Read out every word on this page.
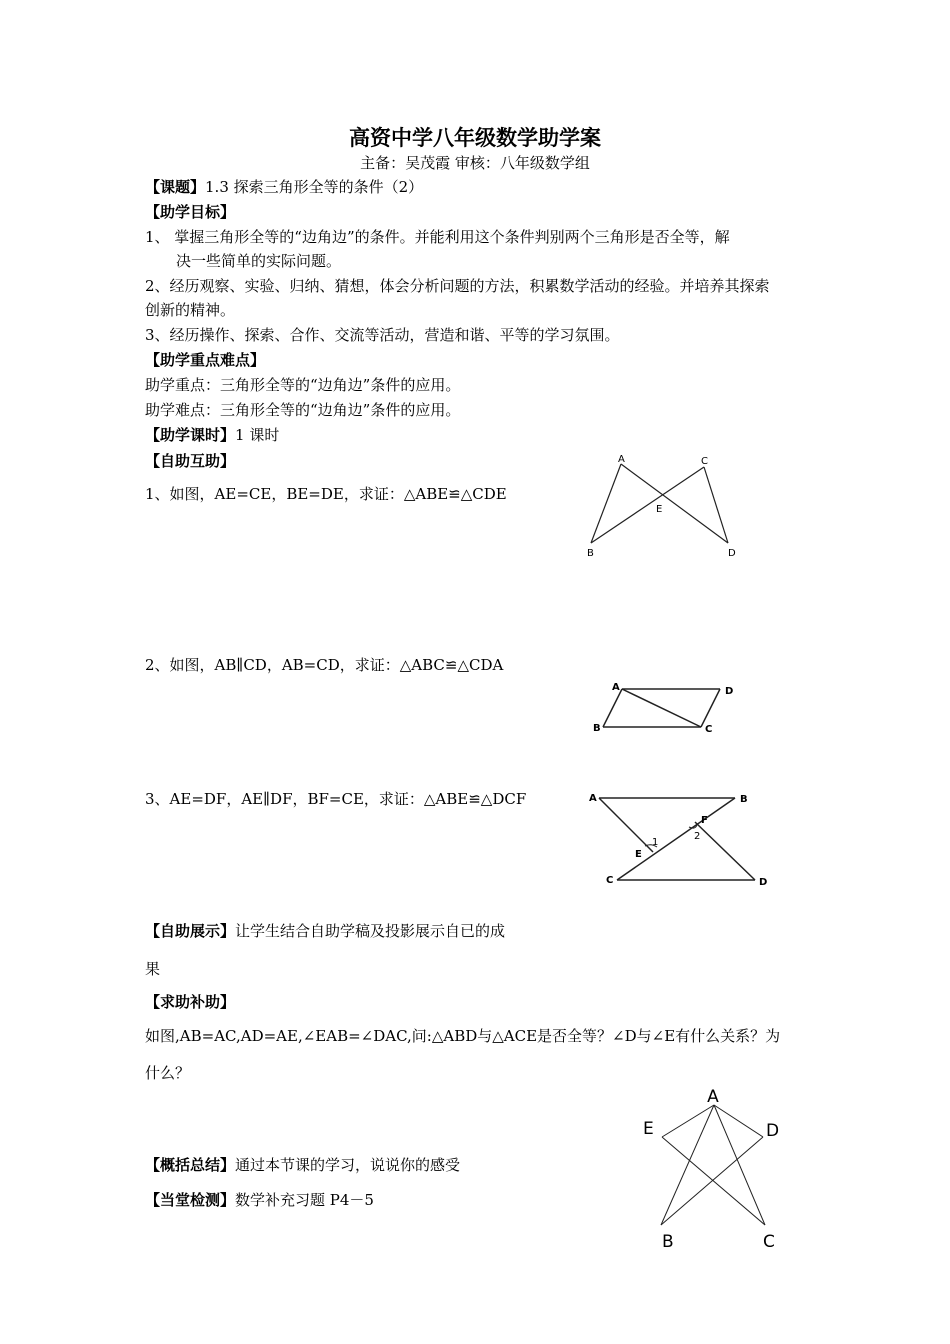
高资中学八年级数学助学案
主备：吴茂霞 审核：八年级数学组
【课题】1.3 探索三角形全等的条件（2）
【助学目标】
1、 掌握三角形全等的“边角边”的条件。并能利用这个条件判别两个三角形是否全等，解
决一些简单的实际问题。
2、经历观察、实验、归纳、猜想，体会分析问题的方法，积累数学活动的经验。并培养其探索
创新的精神。
3、经历操作、探索、合作、交流等活动，营造和谐、平等的学习氛围。
【助学重点难点】
助学重点：三角形全等的“边角边”条件的应用。
助学难点：三角形全等的“边角边”条件的应用。
【助学课时】1 课时
【自助互助】
1、如图，AE=CE，BE=DE，求证：△ABE≌△CDE
A	C
E
B	D
2、如图，AB∥CD，AB=CD，求证：△ABC≌△CDA
A	D
B	C
3、AE=DF，AE∥DF，BF=CE，求证：△ABE≌△DCF	A	B
E
F
1
2
C	D
【自助展示】让学生结合自助学稿及投影展示自已的成
果
【求助补助】
如图,AB=AC,AD=AE,∠EAB=∠DAC,问:△ABD与△ACE是否全等？∠D与∠E有什么关系？为
什么？
A
E	D
B	C
【概括总结】通过本节课的学习，说说你的感受
【当堂检测】数学补充习题 P4－5
